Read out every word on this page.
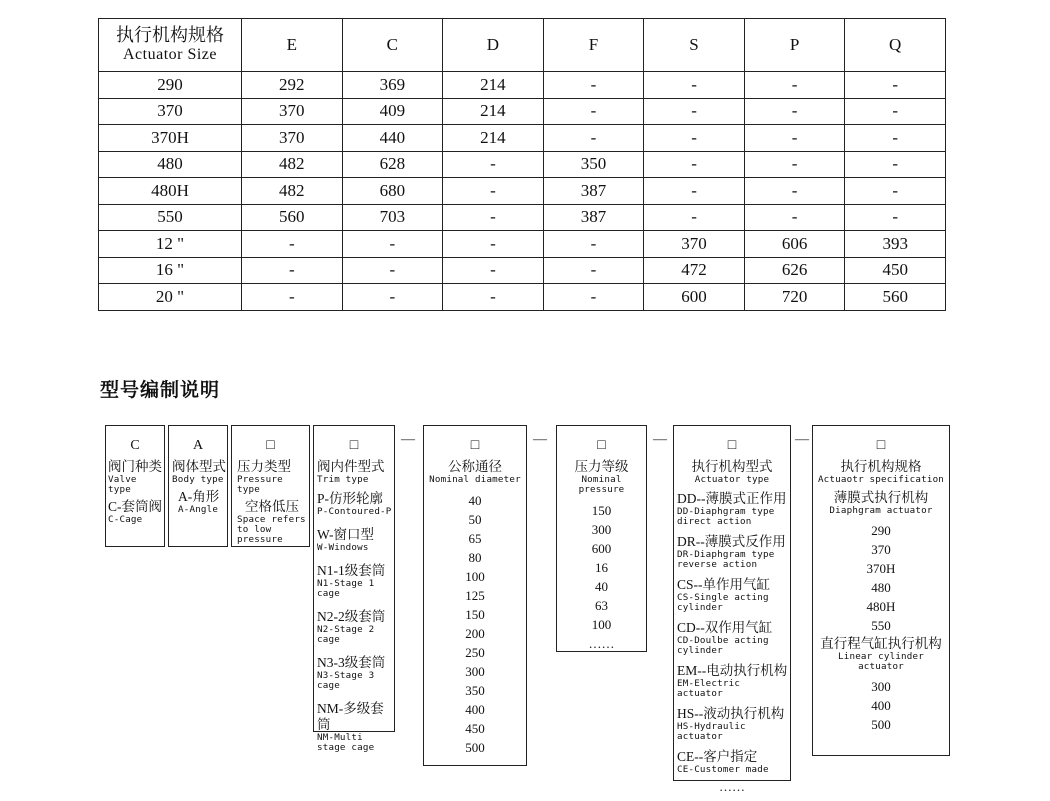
执行机构规格
Actuator Size	E	C	D	F	S	P	Q
290	292	369	214	-	-	-	-
370	370	409	214	-	-	-	-
370H	370	440	214	-	-	-	-
480	482	628	-	350	-	-	-
480H	482	680	-	387	-	-	-
550	560	703	-	387	-	-	-
12 "	-	-	-	-	370	606	393
16 "	-	-	-	-	472	626	450
20 "	-	-	-	-	600	720	560
型号编制说明
C
阀门种类
Valve type
C-套筒阀
C-Cage
A
阀体型式
Body type
A-角形
A-Angle
□
压力类型
Pressure type
空格低压
Space refers
to low
pressure
□
阀内件型式
Trim type
P-仿形轮廓
P-Contoured-P
W-窗口型
W-Windows
N1-1级套筒
N1-Stage 1 cage
N2-2级套筒
N2-Stage 2 cage
N3-3级套筒
N3-Stage 3 cage
NM-多级套筒
NM-Multi
stage cage
—	□
公称通径
Nominal diameter
40
50
65
80
100
125
150
200
250
300
350
400
450
500
—	□
压力等级
Nominal pressure
150
300
600
16
40
63
100
……
—	□
执行机构型式
Actuator type
DD--薄膜式正作用
DD-Diaphgram type
direct action
DR--薄膜式反作用
DR-Diaphgram type
reverse action
CS--单作用气缸
CS-Single acting
cylinder
CD--双作用气缸
CD-Doulbe acting
cylinder
EM--电动执行机构
EM-Electric actuator
HS--液动执行机构
HS-Hydraulic actuator
CE--客户指定
CE-Customer made
……
—	□
执行机构规格
Actuaotr specification
薄膜式执行机构
Diaphgram actuator
290
370
370H
480
480H
550
直行程气缸执行机构
Linear cylinder actuator
300
400
500
